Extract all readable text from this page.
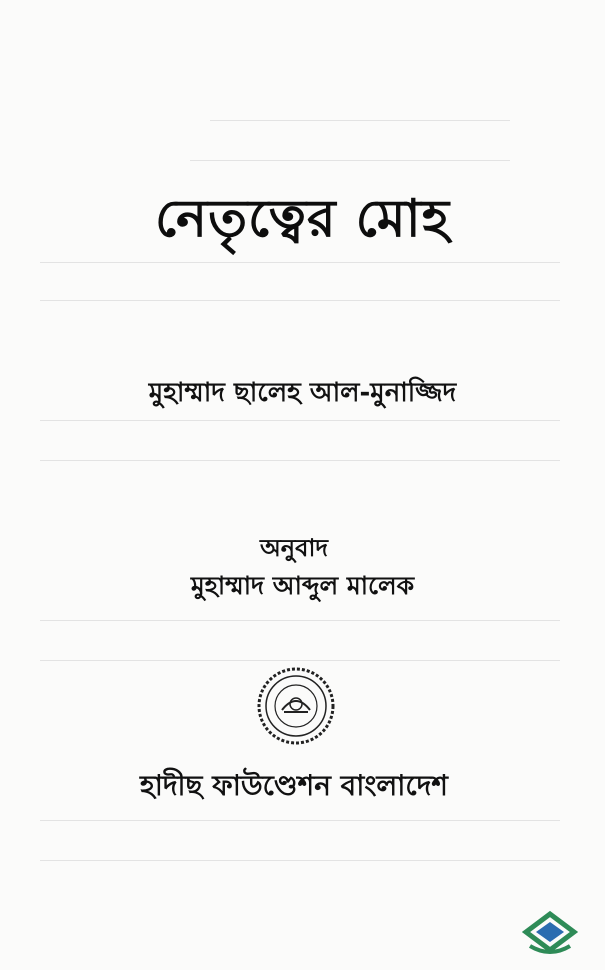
নেতৃত্বের মোহ
মুহাম্মাদ ছালেহ আল-মুনাজ্জিদ
অনুবাদ
মুহাম্মাদ আব্দুল মালেক
হাদীছ ফাউণ্ডেশন বাংলাদেশ
